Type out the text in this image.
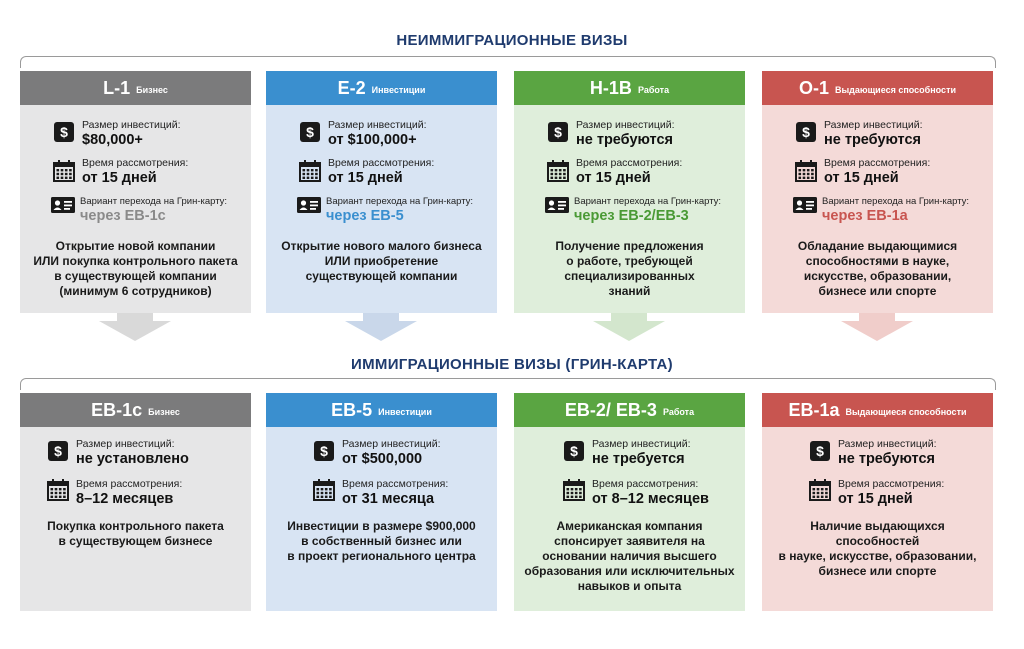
НЕИММИГРАЦИОННЫЕ ВИЗЫ
ИММИГРАЦИОННЫЕ ВИЗЫ (ГРИН-КАРТА)
L-1 Бизнес
$	Размер инвестиций:
$80,000+
Время рассмотрения:
от 15 дней
Вариант перехода на Грин-карту:
через EB-1c
Открытие новой компании
ИЛИ покупка контрольного пакета
в существующей компании
(минимум 6 сотрудников)
E-2 Инвестиции
$	Размер инвестиций:
от $100,000+
Время рассмотрения:
от 15 дней
Вариант перехода на Грин-карту:
через EB-5
Открытие нового малого бизнеса
ИЛИ приобретение
существующей компании
H-1B Работа
$	Размер инвестиций:
не требуются
Время рассмотрения:
от 15 дней
Вариант перехода на Грин-карту:
через EB-2/EB-3
Получение предложения
о работе, требующей
специализированных
знаний
O-1 Выдающиеся способности
$	Размер инвестиций:
не требуются
Время рассмотрения:
от 15 дней
Вариант перехода на Грин-карту:
через EB-1a
Обладание выдающимися
способностями в науке,
искусстве, образовании,
бизнесе или спорте
EB-1c Бизнес
$	Размер инвестиций:
не установлено
Время рассмотрения:
8–12 месяцев
Покупка контрольного пакета
в существующем бизнесе
EB-5 Инвестиции
$	Размер инвестиций:
от $500,000
Время рассмотрения:
от 31 месяца
Инвестиции в размере $900,000
в собственный бизнес или
в проект регионального центра
EB-2/ EB-3 Работа
$	Размер инвестиций:
не требуется
Время рассмотрения:
от 8–12 месяцев
Американская компания
спонсирует заявителя на
основании наличия высшего
образования или исключительных
навыков и опыта
EB-1a Выдающиеся способности
$	Размер инвестиций:
не требуются
Время рассмотрения:
от 15 дней
Наличие выдающихся
способностей
в науке, искусстве, образовании,
бизнесе или спорте
